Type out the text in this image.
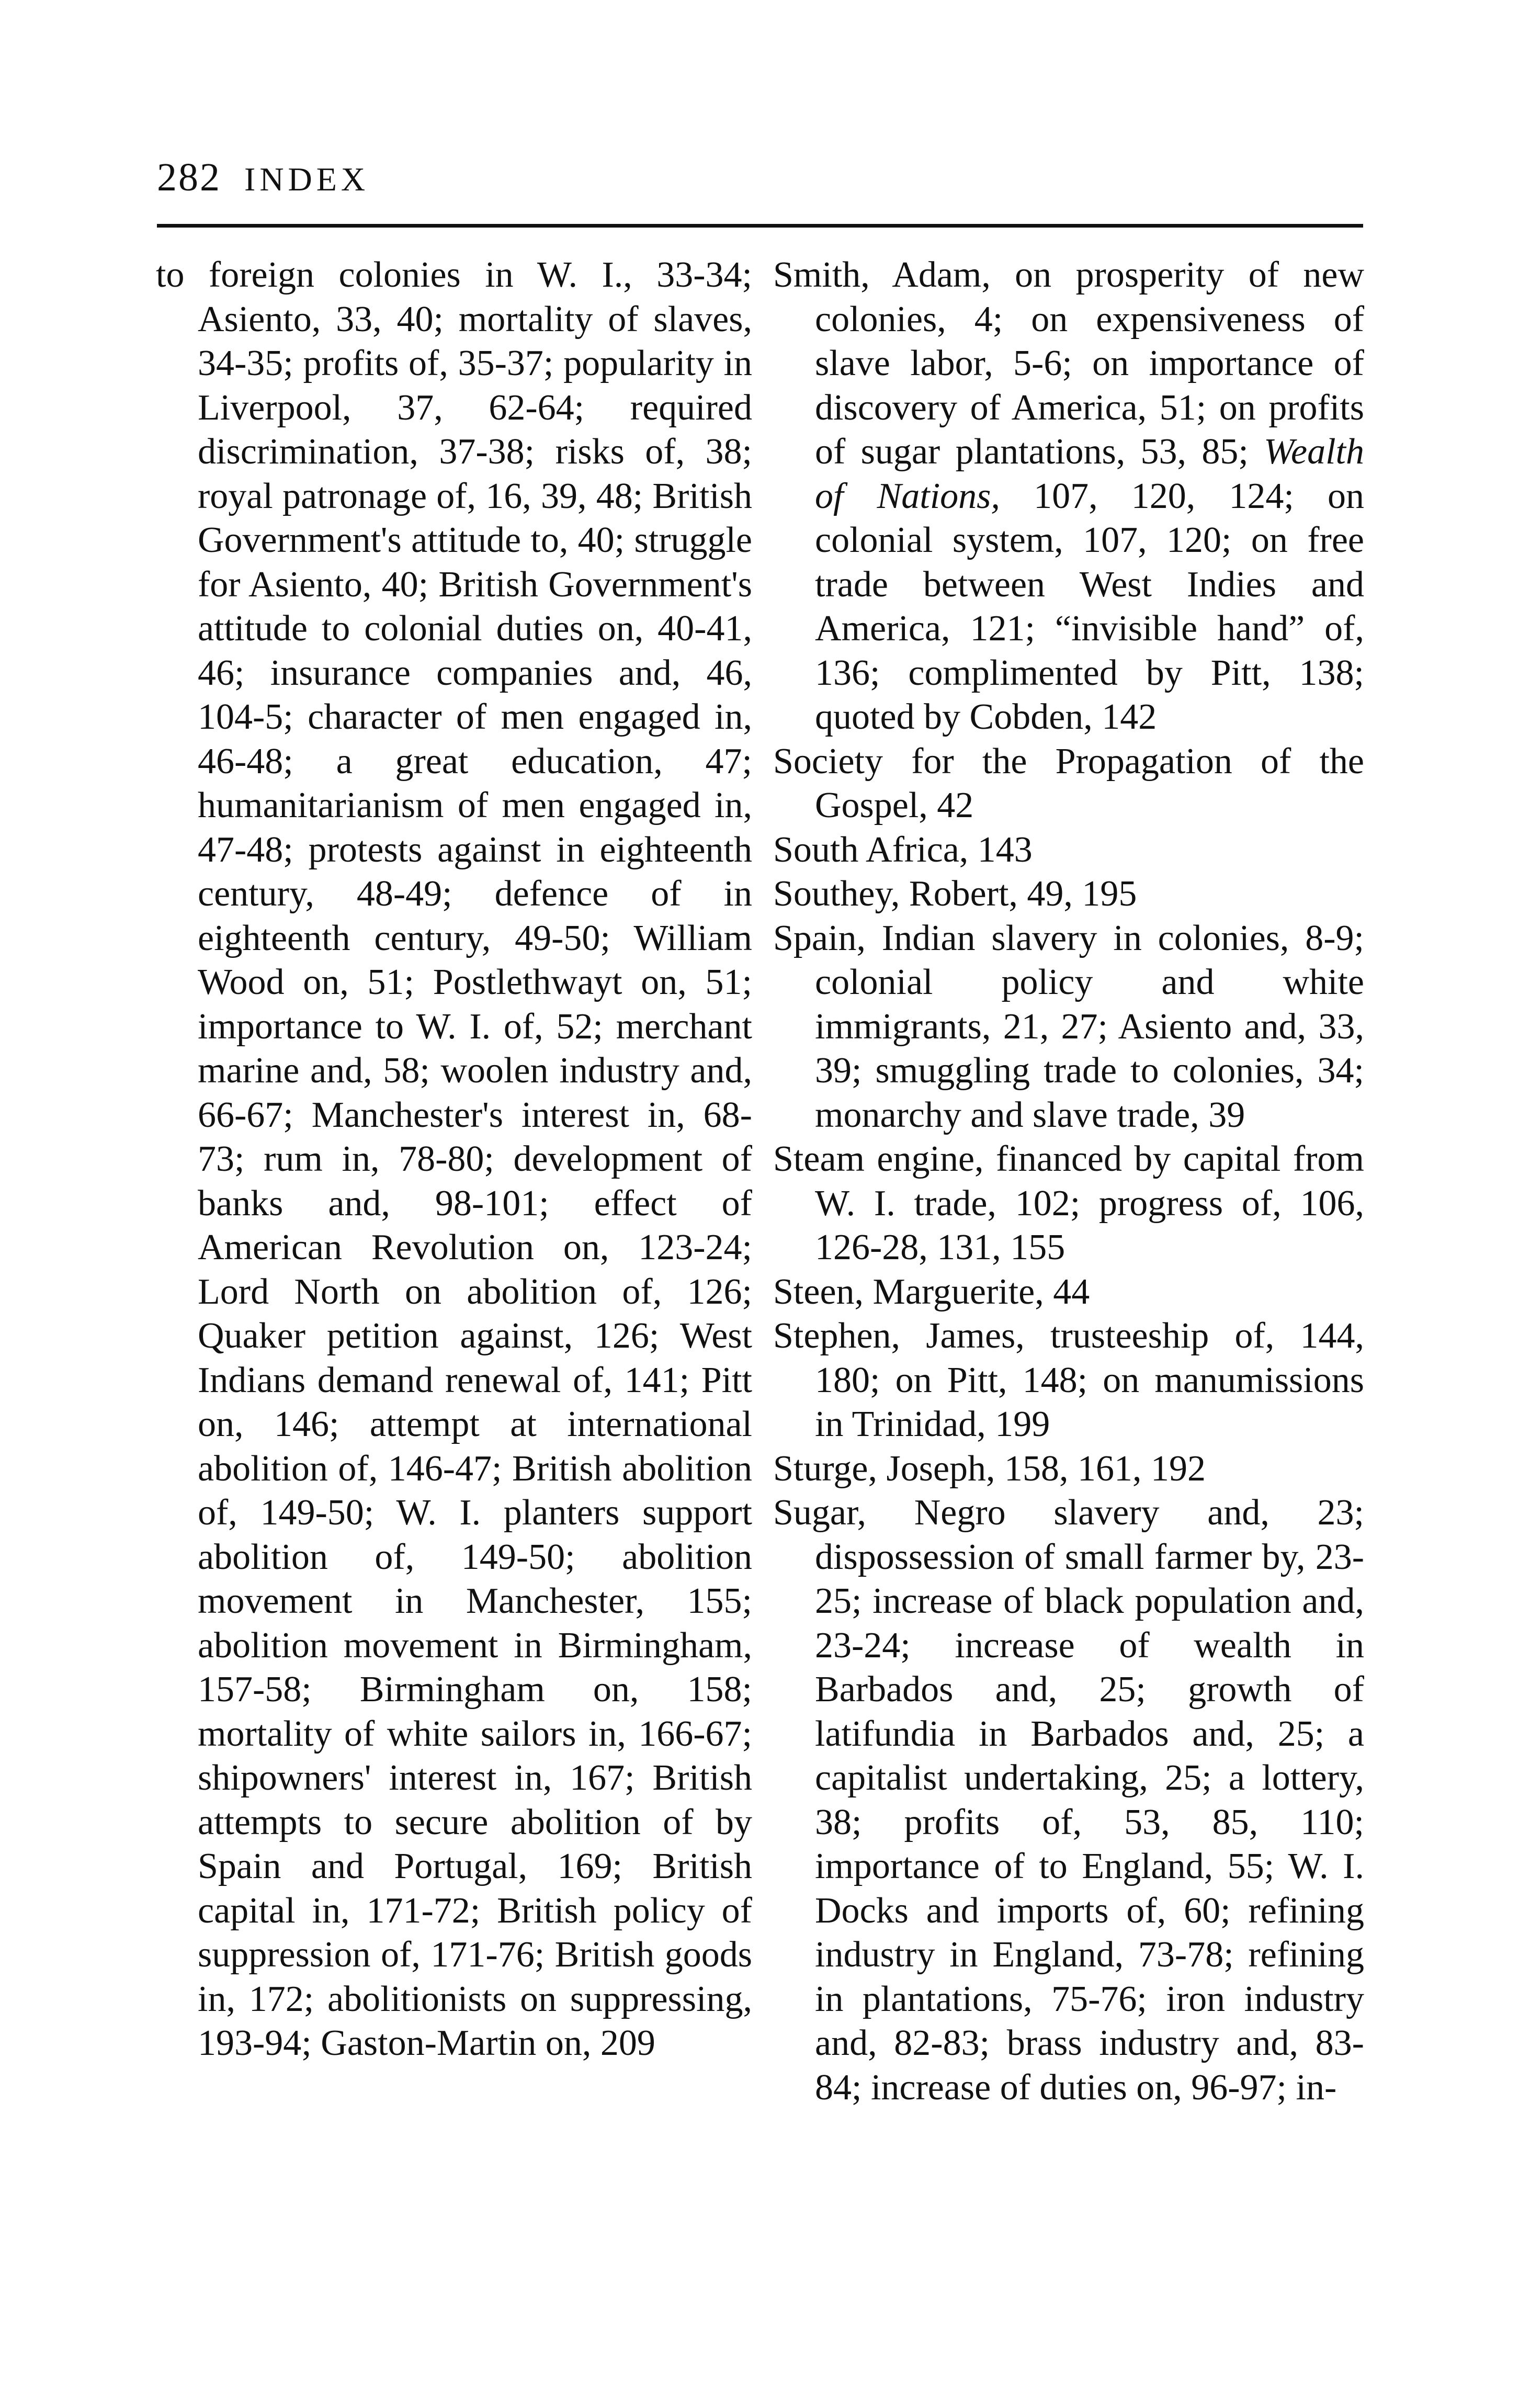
282 INDEX

to foreign colonies in W. I., 33-34; Asiento, 33, 40; mortality of slaves, 34-35; profits of, 35-37; popularity in Liverpool, 37, 62-64; required discrimination, 37-38; risks of, 38; royal patronage of, 16, 39, 48; British Government's attitude to, 40; struggle for Asiento, 40; British Government's attitude to colonial duties on, 40-41, 46; insurance companies and, 46, 104-5; character of men engaged in, 46-48; a great education, 47; humanitarianism of men engaged in, 47-48; protests against in eighteenth century, 48-49; defence of in eighteenth century, 49-50; William Wood on, 51; Postlethwayt on, 51; importance to W. I. of, 52; merchant marine and, 58; woolen industry and, 66-67; Manchester's interest in, 68-73; rum in, 78-80; development of banks and, 98-101; effect of American Revolution on, 123-24; Lord North on abolition of, 126; Quaker petition against, 126; West Indians demand renewal of, 141; Pitt on, 146; attempt at international abolition of, 146-47; British abolition of, 149-50; W. I. planters support abolition of, 149-50; abolition movement in Manchester, 155; abolition movement in Birmingham, 157-58; Birmingham on, 158; mortality of white sailors in, 166-67; shipowners' interest in, 167; British attempts to secure abolition of by Spain and Portugal, 169; British capital in, 171-72; British policy of suppression of, 171-76; British goods in, 172; abolitionists on suppressing, 193-94; Gaston-Martin on, 209

Smith, Adam, on prosperity of new colonies, 4; on expensiveness of slave labor, 5-6; on importance of discovery of America, 51; on profits of sugar plantations, 53, 85; Wealth of Nations, 107, 120, 124; on colonial system, 107, 120; on free trade between West Indies and America, 121; “invisible hand” of, 136; complimented by Pitt, 138; quoted by Cobden, 142

Society for the Propagation of the Gospel, 42

South Africa, 143

Southey, Robert, 49, 195

Spain, Indian slavery in colonies, 8-9; colonial policy and white immigrants, 21, 27; Asiento and, 33, 39; smuggling trade to colonies, 34; monarchy and slave trade, 39

Steam engine, financed by capital from W. I. trade, 102; progress of, 106, 126-28, 131, 155

Steen, Marguerite, 44

Stephen, James, trusteeship of, 144, 180; on Pitt, 148; on manumissions in Trinidad, 199

Sturge, Joseph, 158, 161, 192

Sugar, Negro slavery and, 23; dispossession of small farmer by, 23-25; increase of black population and, 23-24; increase of wealth in Barbados and, 25; growth of latifundia in Barbados and, 25; a capitalist undertaking, 25; a lottery, 38; profits of, 53, 85, 110; importance of to England, 55; W. I. Docks and imports of, 60; refining industry in England, 73-78; refining in plantations, 75-76; iron industry and, 82-83; brass industry and, 83-84; increase of duties on, 96-97; in-
